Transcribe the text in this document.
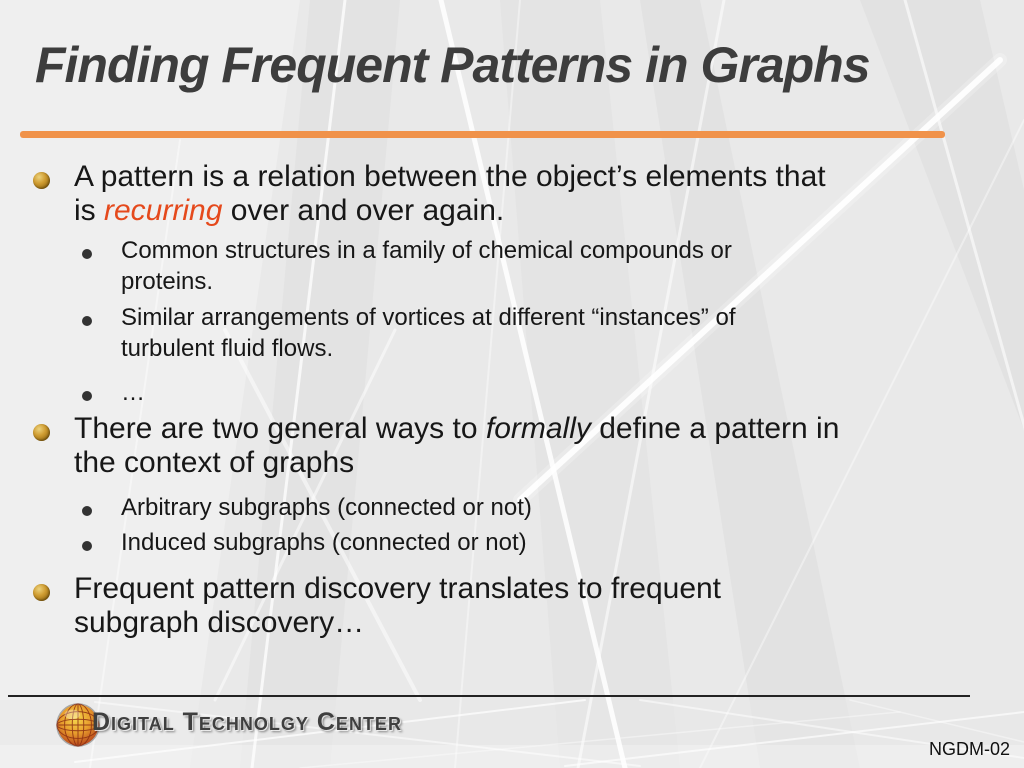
Finding Frequent Patterns in Graphs
A pattern is a relation between the object’s elements that
is recurring over and over again.
Common structures in a family of chemical compounds or
proteins.
Similar arrangements of vortices at different “instances” of
turbulent fluid flows.
…
There are two general ways to formally define a pattern in
the context of graphs
Arbitrary subgraphs (connected or not)
Induced subgraphs (connected or not)
Frequent pattern discovery translates to frequent
subgraph discovery…
Digital Technolgy Center
NGDM-02
